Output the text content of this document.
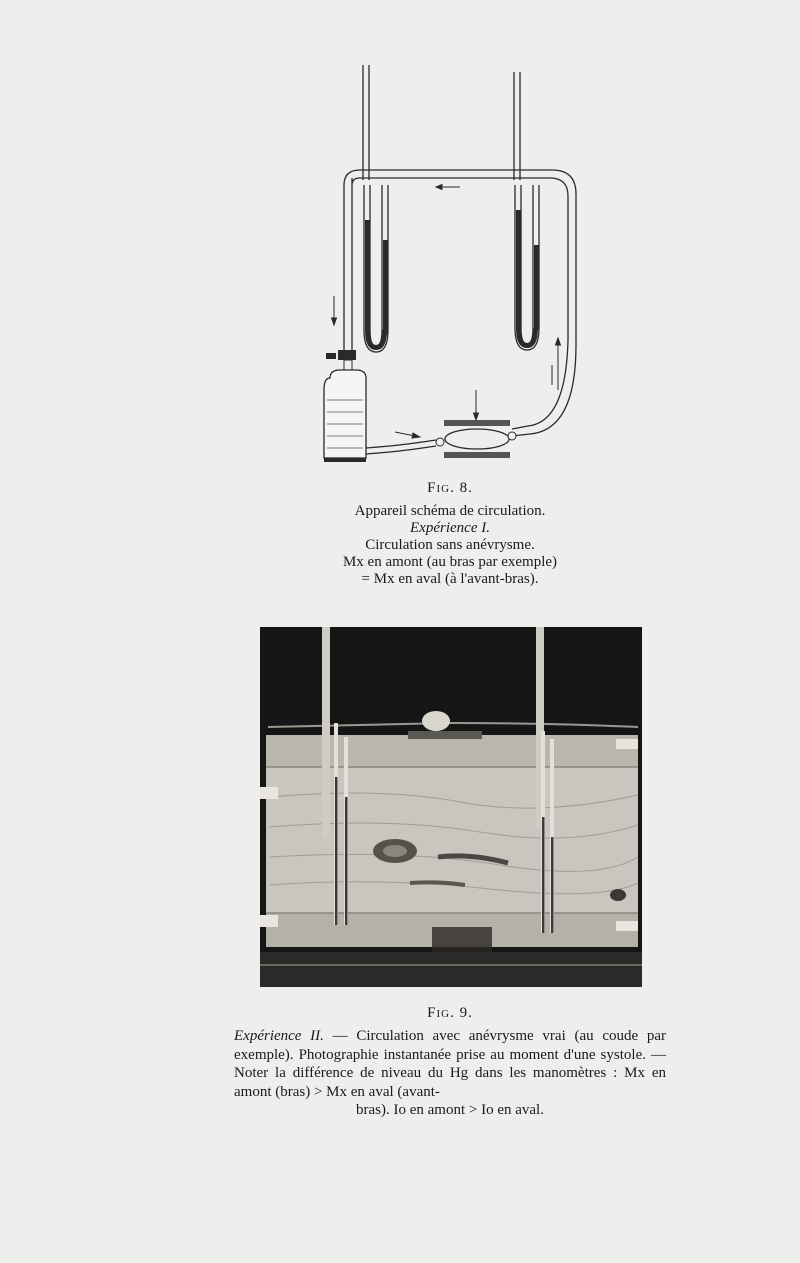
Fig. 8.
Appareil schéma de circulation.
Expérience I.
Circulation sans anévrysme.
Mx en amont (au bras par exemple)
= Mx en aval (à l'avant-bras).
Fig. 9.
Expérience II. — Circulation avec anévrysme vrai (au coude par exemple). Photographie instantanée prise au moment d'une systole. — Noter la différence de niveau du Hg dans les manomètres : Mx en amont (bras) > Mx en aval (avant-
bras). Io en amont > Io en aval.
